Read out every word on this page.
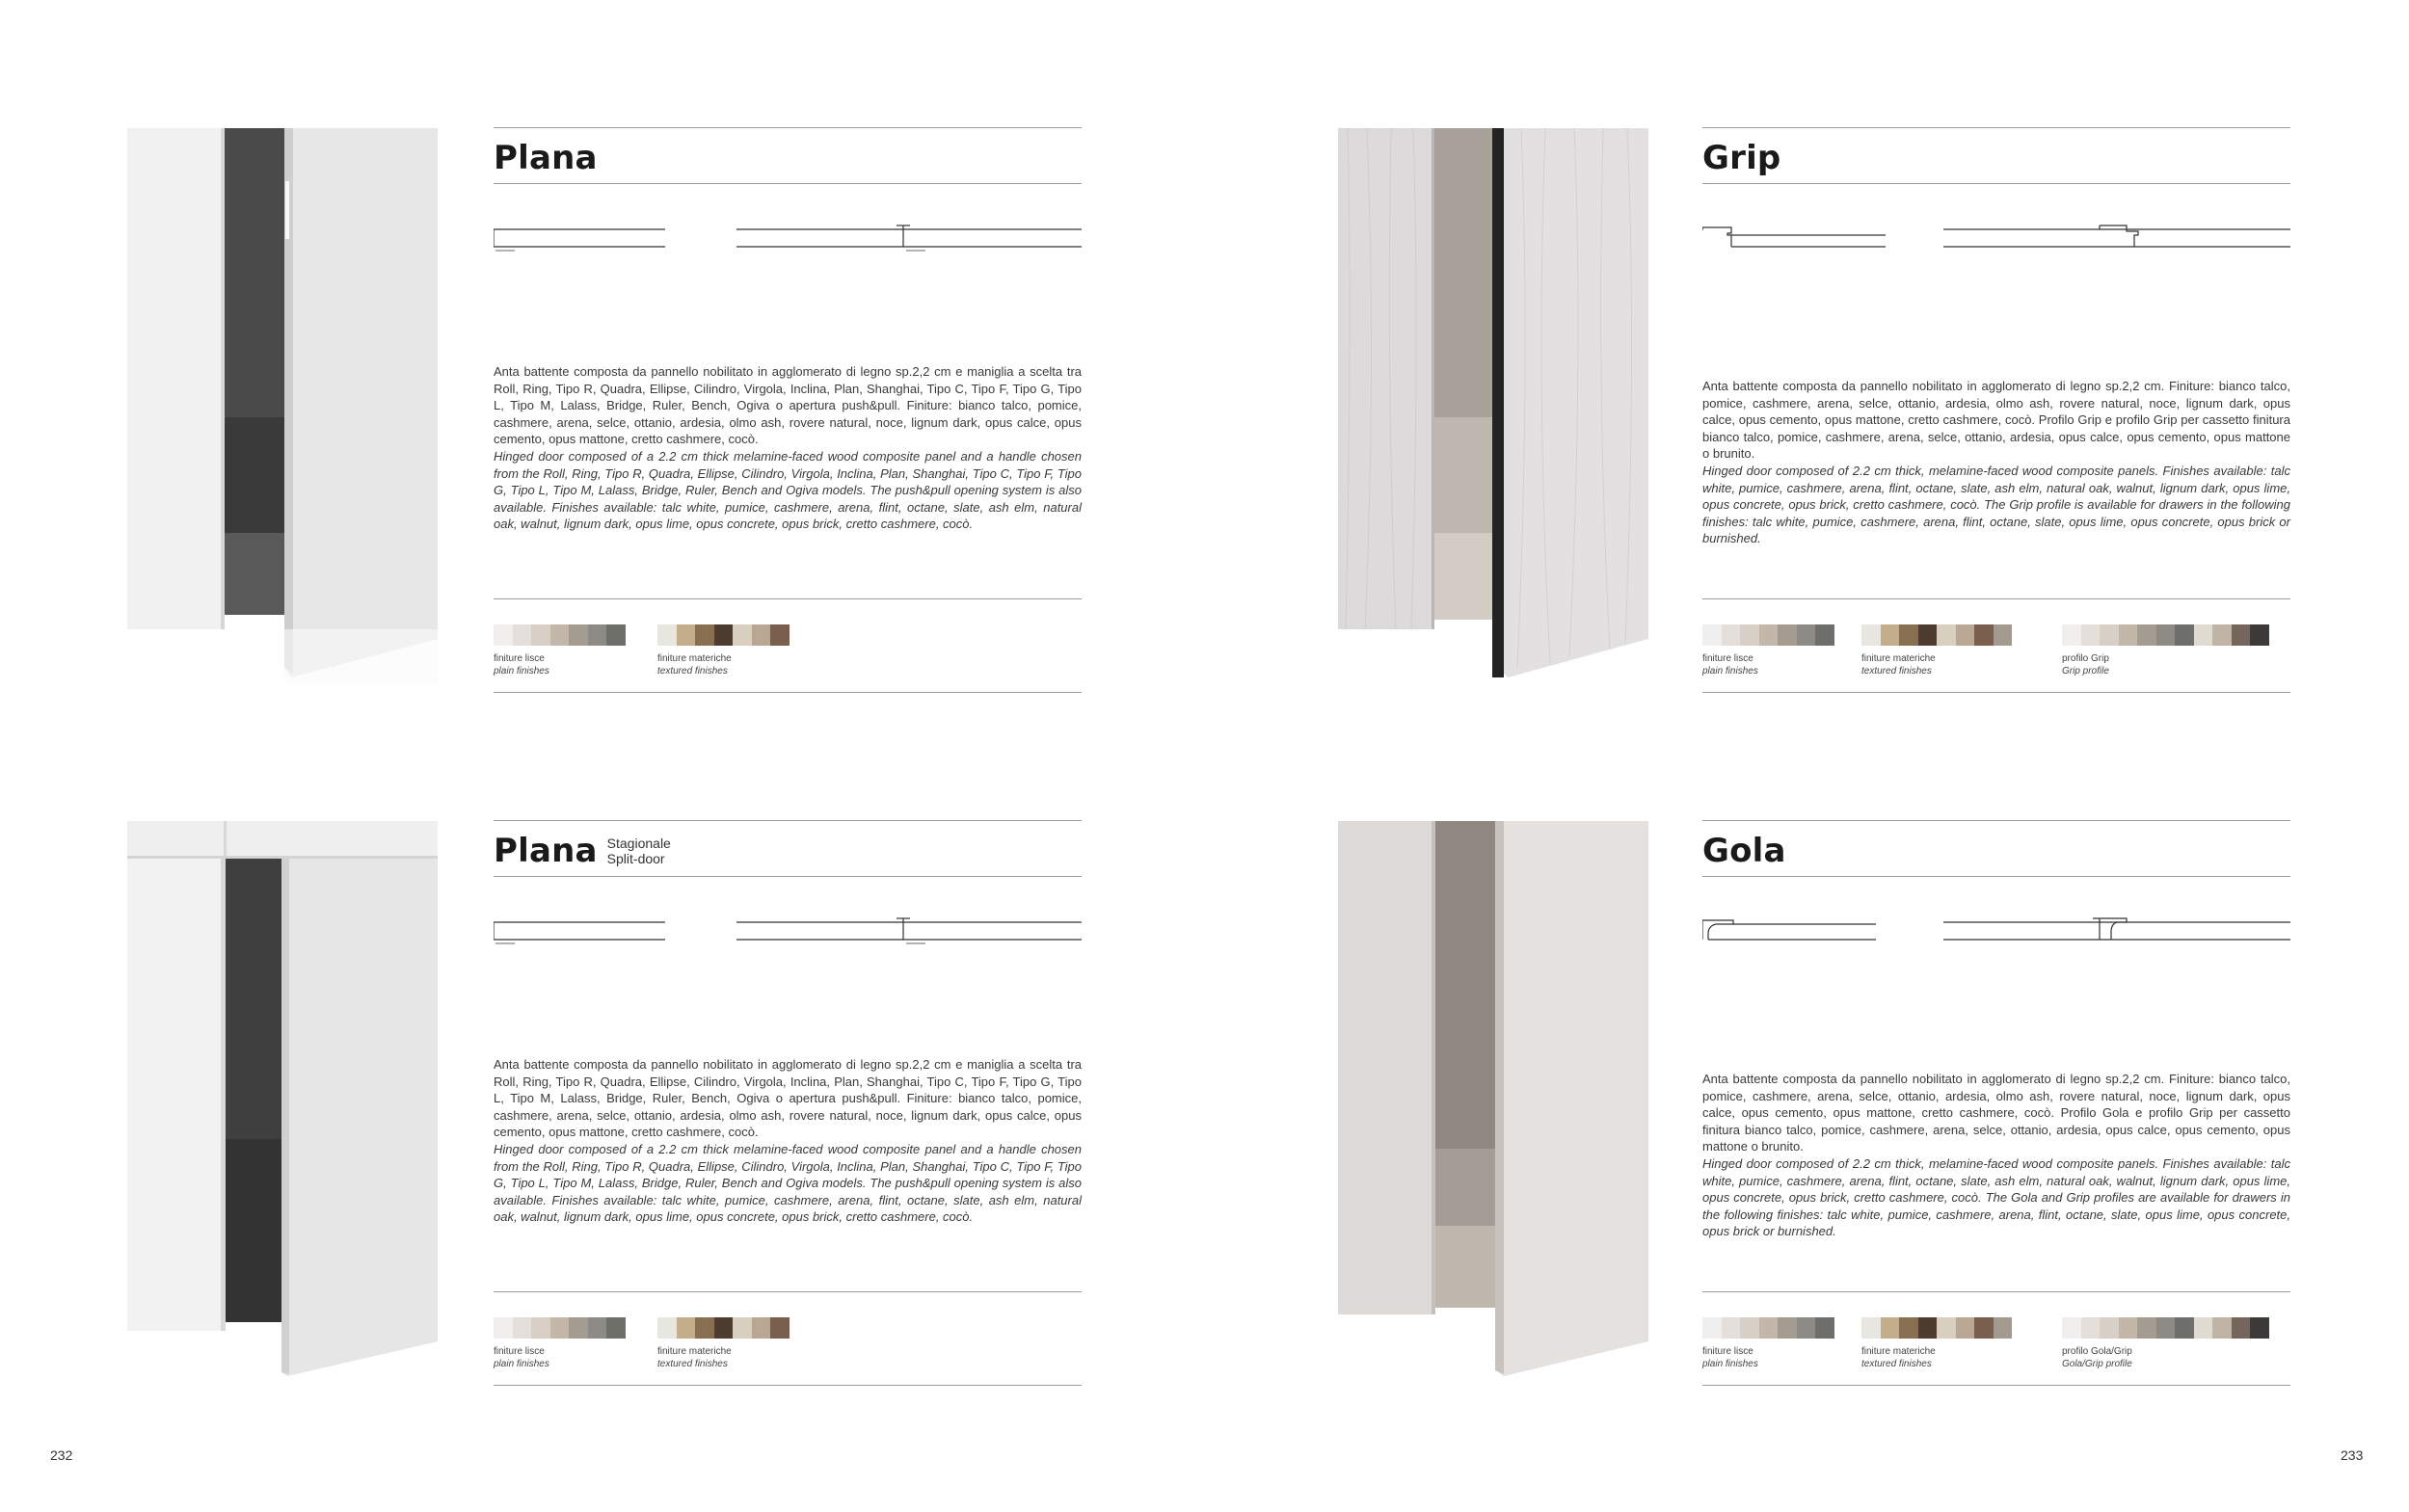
Plana

Anta battente composta da pannello nobilitato in agglomerato di legno sp.2,2 cm e maniglia a scelta tra Roll, Ring, Tipo R, Quadra, Ellipse, Cilindro, Virgola, Inclina, Plan, Shanghai, Tipo C, Tipo F, Tipo G, Tipo L, Tipo M, Lalass, Bridge, Ruler, Bench, Ogiva o apertura push&pull. Finiture: bianco talco, pomice, cashmere, arena, selce, ottanio, ardesia, olmo ash, rovere natural, noce, lignum dark, opus calce, opus cemento, opus mattone, cretto cashmere, cocò.

Hinged door composed of a 2.2 cm thick melamine-faced wood composite panel and a handle chosen from the Roll, Ring, Tipo R, Quadra, Ellipse, Cilindro, Virgola, Inclina, Plan, Shanghai, Tipo C, Tipo F, Tipo G, Tipo L, Tipo M, Lalass, Bridge, Ruler, Bench and Ogiva models. The push&pull opening system is also available. Finishes available: talc white, pumice, cashmere, arena, flint, octane, slate, ash elm, natural oak, walnut, lignum dark, opus lime, opus concrete, opus brick, cretto cashmere, cocò.

finiture lisce
plain finishes
finiture materiche
textured finishes
Grip

Anta battente composta da pannello nobilitato in agglomerato di legno sp.2,2 cm. Finiture: bianco talco, pomice, cashmere, arena, selce, ottanio, ardesia, olmo ash, rovere natural, noce, lignum dark, opus calce, opus cemento, opus mattone, cretto cashmere, cocò. Profilo Grip e profilo Grip per cassetto finitura bianco talco, pomice, cashmere, arena, selce, ottanio, ardesia, opus calce, opus cemento, opus mattone o brunito.

Hinged door composed of 2.2 cm thick, melamine-faced wood composite panels. Finishes available: talc white, pumice, cashmere, arena, flint, octane, slate, ash elm, natural oak, walnut, lignum dark, opus lime, opus concrete, opus brick, cretto cashmere, cocò. The Grip profile is available for drawers in the following finishes: talc white, pumice, cashmere, arena, flint, octane, slate, opus lime, opus concrete, opus brick or burnished.

finiture lisce
plain finishes
finiture materiche
textured finishes
profilo Grip
Grip profile
Plana Stagionale
Split-door

Anta battente composta da pannello nobilitato in agglomerato di legno sp.2,2 cm e maniglia a scelta tra Roll, Ring, Tipo R, Quadra, Ellipse, Cilindro, Virgola, Inclina, Plan, Shanghai, Tipo C, Tipo F, Tipo G, Tipo L, Tipo M, Lalass, Bridge, Ruler, Bench, Ogiva o apertura push&pull. Finiture: bianco talco, pomice, cashmere, arena, selce, ottanio, ardesia, olmo ash, rovere natural, noce, lignum dark, opus calce, opus cemento, opus mattone, cretto cashmere, cocò.

Hinged door composed of a 2.2 cm thick melamine-faced wood composite panel and a handle chosen from the Roll, Ring, Tipo R, Quadra, Ellipse, Cilindro, Virgola, Inclina, Plan, Shanghai, Tipo C, Tipo F, Tipo G, Tipo L, Tipo M, Lalass, Bridge, Ruler, Bench and Ogiva models. The push&pull opening system is also available. Finishes available: talc white, pumice, cashmere, arena, flint, octane, slate, ash elm, natural oak, walnut, lignum dark, opus lime, opus concrete, opus brick, cretto cashmere, cocò.

finiture lisce
plain finishes
finiture materiche
textured finishes
Gola

Anta battente composta da pannello nobilitato in agglomerato di legno sp.2,2 cm. Finiture: bianco talco, pomice, cashmere, arena, selce, ottanio, ardesia, olmo ash, rovere natural, noce, lignum dark, opus calce, opus cemento, opus mattone, cretto cashmere, cocò. Profilo Gola e profilo Grip per cassetto finitura bianco talco, pomice, cashmere, arena, selce, ottanio, ardesia, opus calce, opus cemento, opus mattone o brunito.

Hinged door composed of 2.2 cm thick, melamine-faced wood composite panels. Finishes available: talc white, pumice, cashmere, arena, flint, octane, slate, ash elm, natural oak, walnut, lignum dark, opus lime, opus concrete, opus brick, cretto cashmere, cocò. The Gola and Grip profiles are available for drawers in the following finishes: talc white, pumice, cashmere, arena, flint, octane, slate, opus lime, opus concrete, opus brick or burnished.

finiture lisce
plain finishes
finiture materiche
textured finishes
profilo Gola/Grip
Gola/Grip profile
232	233
